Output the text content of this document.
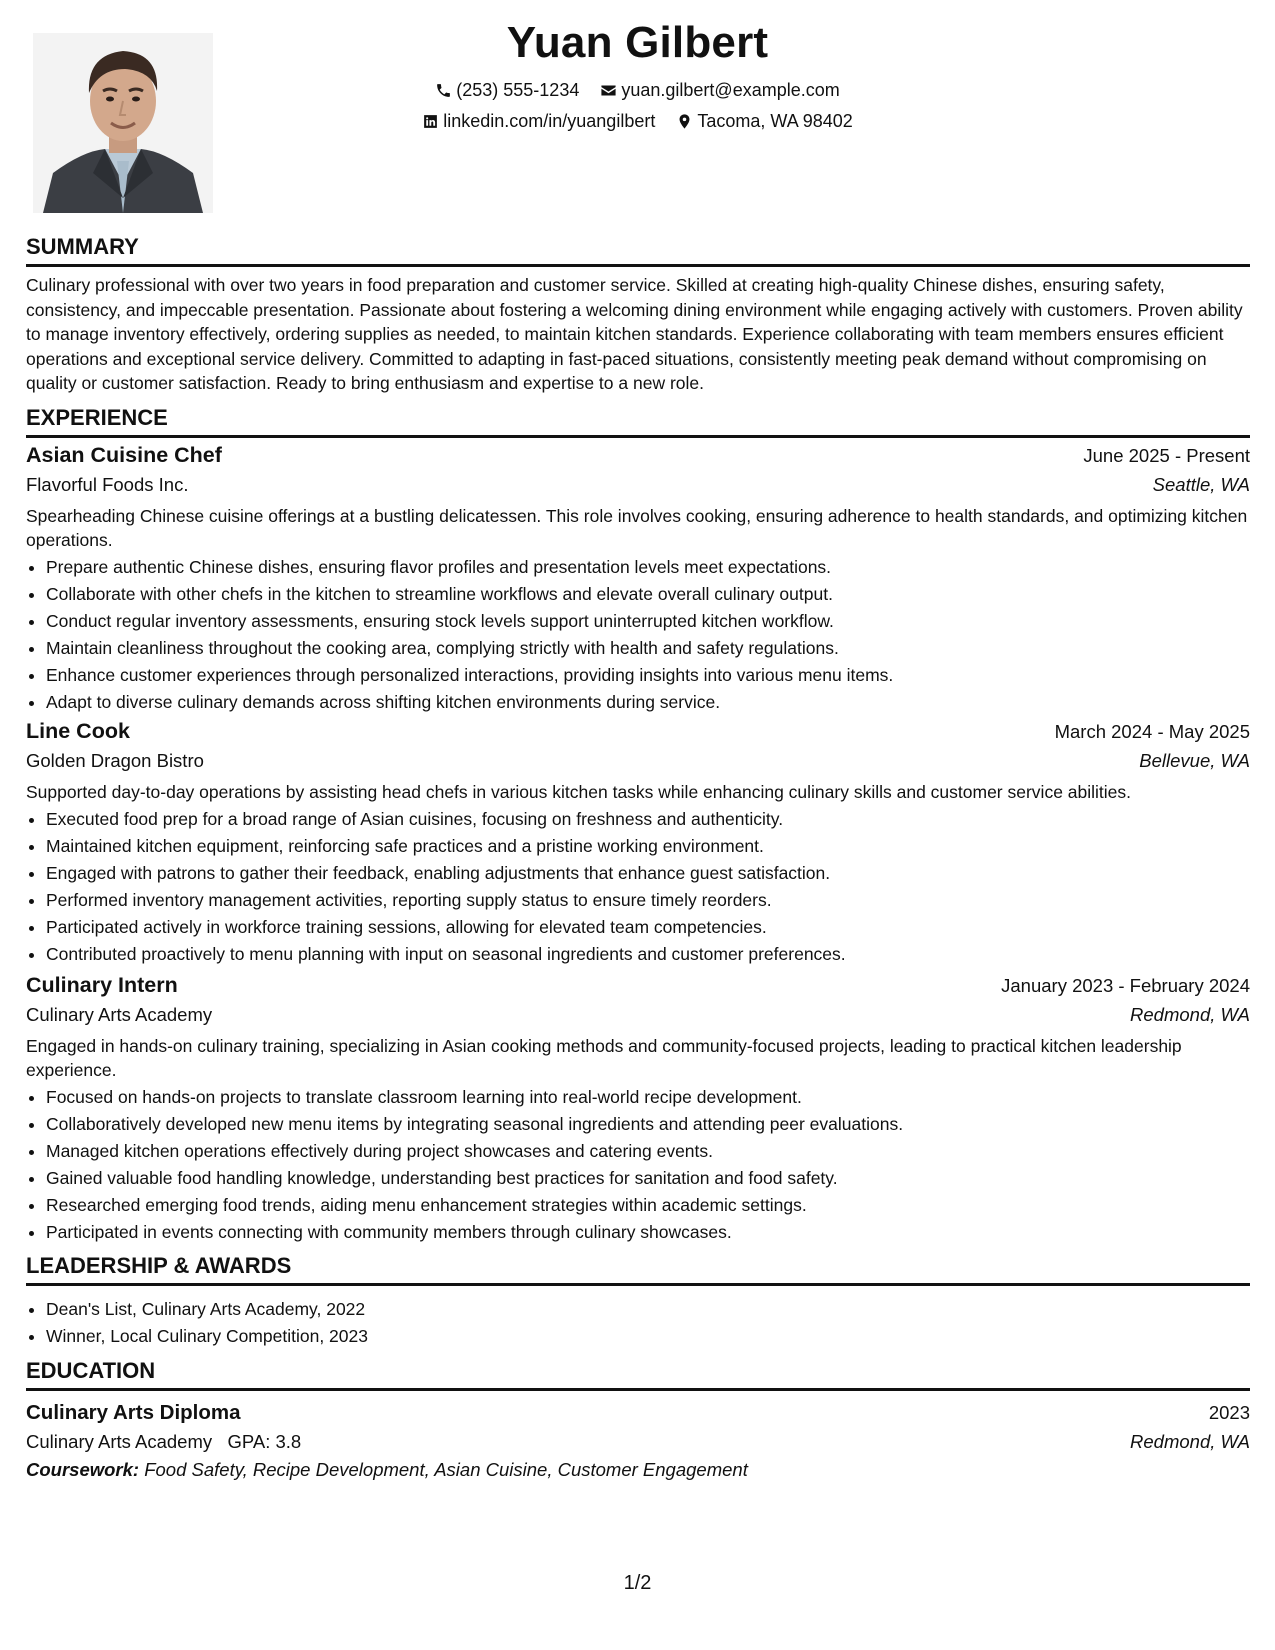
Yuan Gilbert
(253) 555-1234
yuan.gilbert@example.com
linkedin.com/in/yuangilbert
Tacoma, WA 98402
SUMMARY
Culinary professional with over two years in food preparation and customer service. Skilled at creating high-quality Chinese dishes, ensuring safety, consistency, and impeccable presentation. Passionate about fostering a welcoming dining environment while engaging actively with customers. Proven ability to manage inventory effectively, ordering supplies as needed, to maintain kitchen standards. Experience collaborating with team members ensures efficient operations and exceptional service delivery. Committed to adapting in fast-paced situations, consistently meeting peak demand without compromising on quality or customer satisfaction. Ready to bring enthusiasm and expertise to a new role.
EXPERIENCE
Asian Cuisine Chef	June 2025 - Present
Flavorful Foods Inc.	Seattle, WA
Spearheading Chinese cuisine offerings at a bustling delicatessen. This role involves cooking, ensuring adherence to health standards, and optimizing kitchen operations.
• Prepare authentic Chinese dishes, ensuring flavor profiles and presentation levels meet expectations.
• Collaborate with other chefs in the kitchen to streamline workflows and elevate overall culinary output.
• Conduct regular inventory assessments, ensuring stock levels support uninterrupted kitchen workflow.
• Maintain cleanliness throughout the cooking area, complying strictly with health and safety regulations.
• Enhance customer experiences through personalized interactions, providing insights into various menu items.
• Adapt to diverse culinary demands across shifting kitchen environments during service.
Line Cook	March 2024 - May 2025
Golden Dragon Bistro	Bellevue, WA
Supported day-to-day operations by assisting head chefs in various kitchen tasks while enhancing culinary skills and customer service abilities.
• Executed food prep for a broad range of Asian cuisines, focusing on freshness and authenticity.
• Maintained kitchen equipment, reinforcing safe practices and a pristine working environment.
• Engaged with patrons to gather their feedback, enabling adjustments that enhance guest satisfaction.
• Performed inventory management activities, reporting supply status to ensure timely reorders.
• Participated actively in workforce training sessions, allowing for elevated team competencies.
• Contributed proactively to menu planning with input on seasonal ingredients and customer preferences.
Culinary Intern	January 2023 - February 2024
Culinary Arts Academy	Redmond, WA
Engaged in hands-on culinary training, specializing in Asian cooking methods and community-focused projects, leading to practical kitchen leadership experience.
• Focused on hands-on projects to translate classroom learning into real-world recipe development.
• Collaboratively developed new menu items by integrating seasonal ingredients and attending peer evaluations.
• Managed kitchen operations effectively during project showcases and catering events.
• Gained valuable food handling knowledge, understanding best practices for sanitation and food safety.
• Researched emerging food trends, aiding menu enhancement strategies within academic settings.
• Participated in events connecting with community members through culinary showcases.
LEADERSHIP & AWARDS
• Dean's List, Culinary Arts Academy, 2022
• Winner, Local Culinary Competition, 2023
EDUCATION
Culinary Arts Diploma	2023
Culinary Arts Academy GPA: 3.8	Redmond, WA
Coursework: Food Safety, Recipe Development, Asian Cuisine, Customer Engagement
1/2
